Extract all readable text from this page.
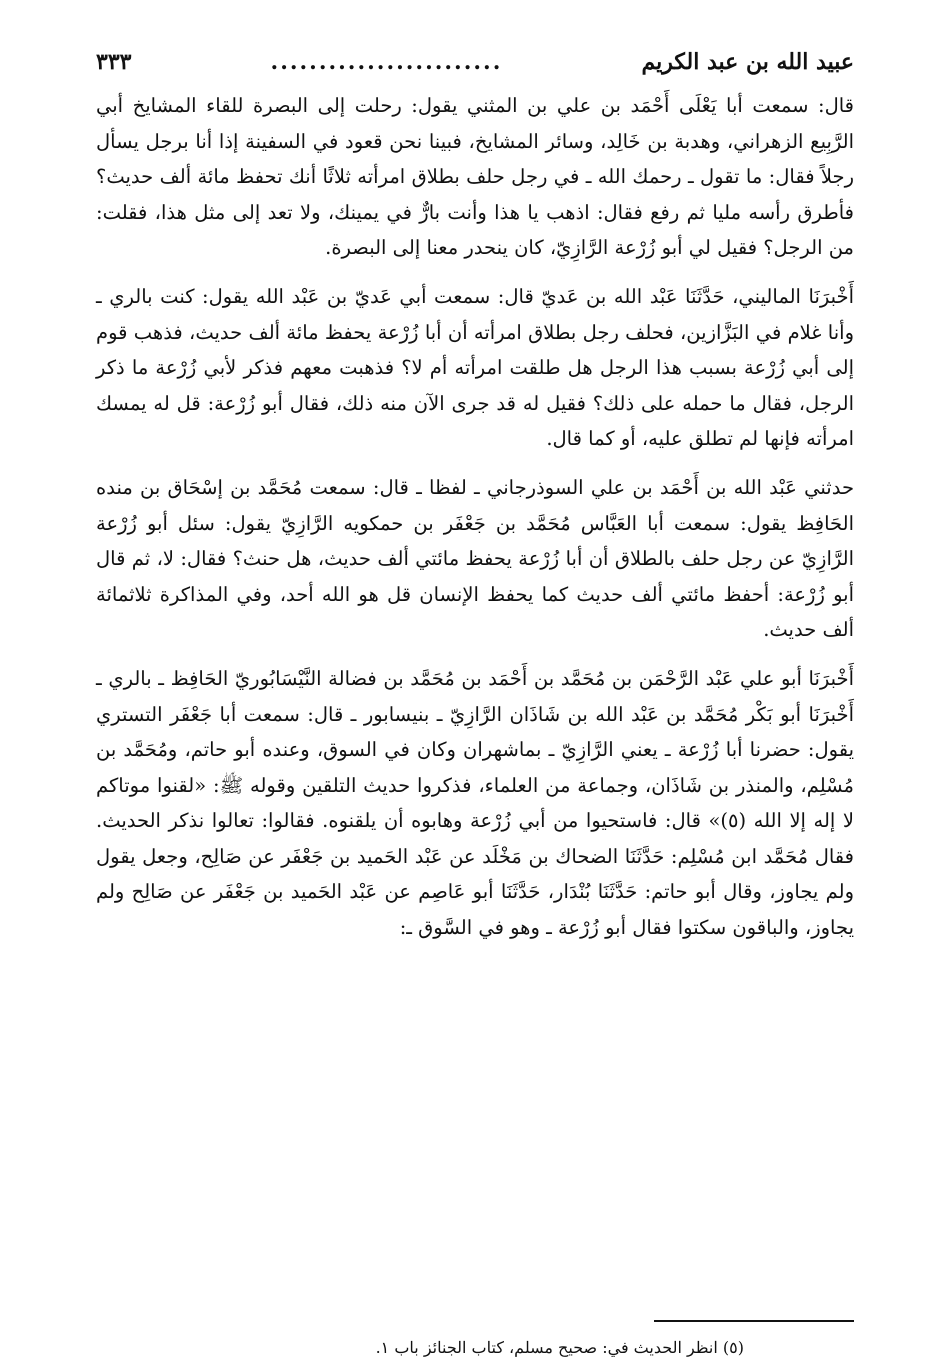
عبيد الله بن عبد الكريم
........................
٣٣٣

قال: سمعت أبا يَعْلَى أَحْمَد بن علي بن المثني يقول: رحلت إلى البصرة للقاء المشايخ أبي الرَّبِيع الزهراني، وهدبة بن خَالِد، وسائر المشايخ، فبينا نحن قعود في السفينة إذا أنا برجل يسأل رجلاً فقال: ما تقول ـ رحمك الله ـ في رجل حلف بطلاق امرأته ثلاثًا أنك تحفظ مائة ألف حديث؟ فأطرق رأسه مليا ثم رفع فقال: اذهب يا هذا وأنت بارٌّ في يمينك، ولا تعد إلى مثل هذا، فقلت: من الرجل؟ فقيل لي أبو زُرْعة الرَّازِيّ، كان ينحدر معنا إلى البصرة.

أَخْبرَنَا الماليني، حَدَّثَنَا عَبْد الله بن عَديّ قال: سمعت أبي عَديّ بن عَبْد الله يقول: كنت بالري ـ وأنا غلام في البَزَّازين، فحلف رجل بطلاق امرأته أن أبا زُرْعة يحفظ مائة ألف حديث، فذهب قوم إلى أبي زُرْعة بسبب هذا الرجل هل طلقت امرأته أم لا؟ فذهبت معهم فذكر لأبي زُرْعة ما ذكر الرجل، فقال ما حمله على ذلك؟ فقيل له قد جرى الآن منه ذلك، فقال أبو زُرْعة: قل له يمسك امرأته فإنها لم تطلق عليه، أو كما قال.

حدثني عَبْد الله بن أَحْمَد بن علي السوذرجاني ـ لفظا ـ قال: سمعت مُحَمَّد بن إسْحَاق بن منده الحَافِظ يقول: سمعت أبا العَبَّاس مُحَمَّد بن جَعْفَر بن حمكويه الرَّازِيّ يقول: سئل أبو زُرْعة الرَّازِيّ عن رجل حلف بالطلاق أن أبا زُرْعة يحفظ مائتي ألف حديث، هل حنث؟ فقال: لا، ثم قال أبو زُرْعة: أحفظ مائتي ألف حديث كما يحفظ الإنسان قل هو الله أحد، وفي المذاكرة ثلاثمائة ألف حديث.

أَخْبرَنَا أبو علي عَبْد الرَّحْمَن بن مُحَمَّد بن أَحْمَد بن مُحَمَّد بن فضالة النَّيْسَابُوريّ الحَافِظ ـ بالري ـ أَخْبرَنَا أبو بَكْر مُحَمَّد بن عَبْد الله بن شَاذَان الرَّازِيّ ـ بنيسابور ـ قال: سمعت أبا جَعْفَر التستري يقول: حضرنا أبا زُرْعة ـ يعني الرَّازِيّ ـ بماشهران وكان في السوق، وعنده أبو حاتم، ومُحَمَّد بن مُسْلِم، والمنذر بن شَاذَان، وجماعة من العلماء، فذكروا حديث التلقين وقوله ﷺ: «لقنوا موتاكم لا إله إلا الله (٥)» قال: فاستحيوا من أبي زُرْعة وهابوه أن يلقنوه. فقالوا: تعالوا نذكر الحديث. فقال مُحَمَّد ابن مُسْلِم: حَدَّثَنَا الضحاك بن مَخْلَد عن عَبْد الحَميد بن جَعْفَر عن صَالِح، وجعل يقول ولم يجاوز، وقال أبو حاتم: حَدَّثَنَا بُنْدَار، حَدَّثَنَا أبو عَاصِم عن عَبْد الحَميد بن جَعْفَر عن صَالِح ولم يجاوز، والباقون سكتوا فقال أبو زُرْعة ـ وهو في السَّوق ـ:

(٥) انظر الحديث في: صحيح مسلم، كتاب الجنائز باب ١.
